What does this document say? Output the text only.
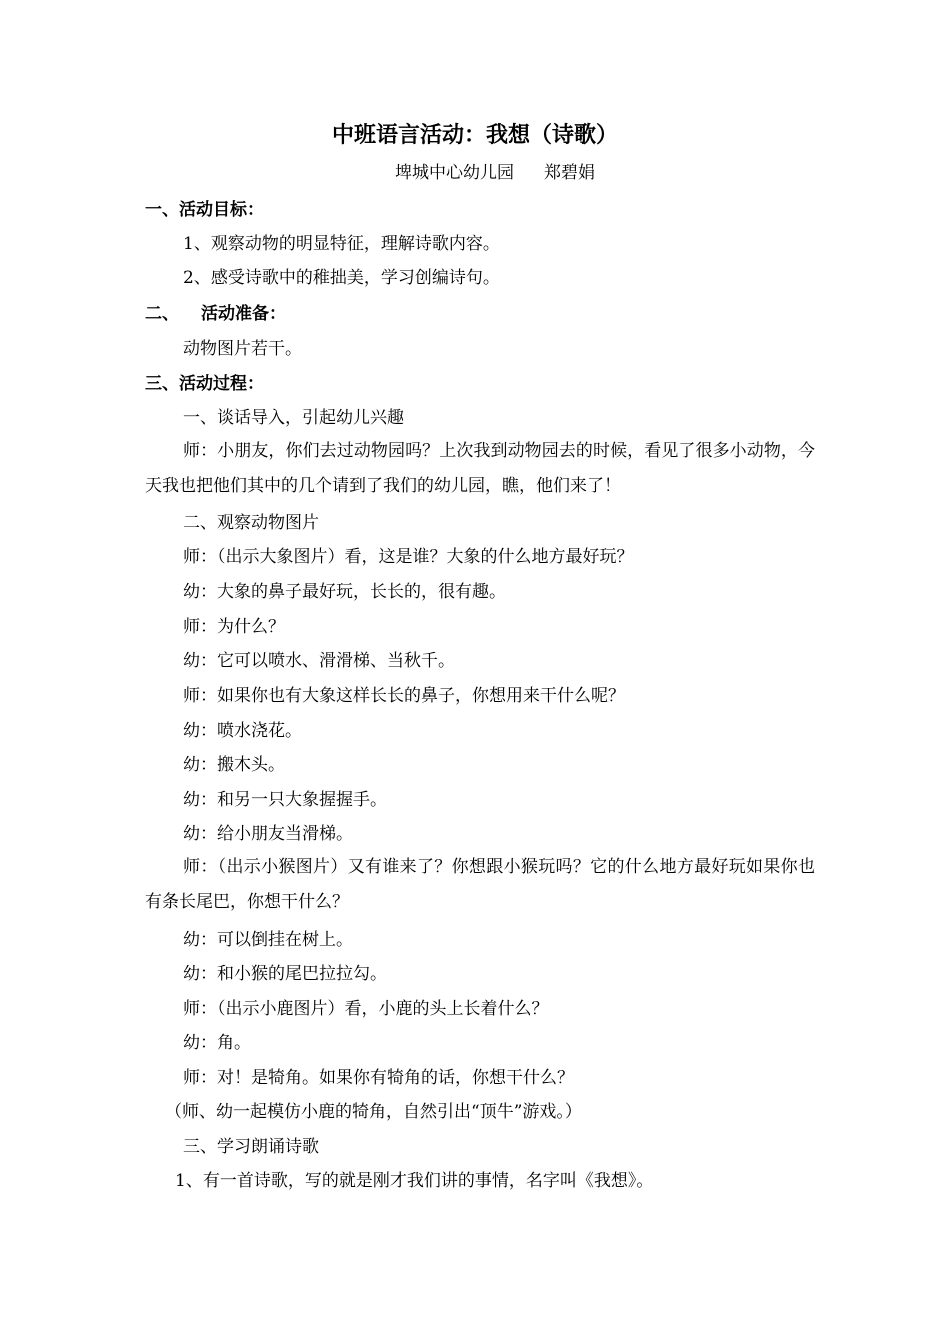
中班语言活动：我想（诗歌）
埤城中心幼儿园 郑碧娟
一、活动目标：
1、观察动物的明显特征，理解诗歌内容。
2、感受诗歌中的稚拙美，学习创编诗句。
二、 活动准备：
动物图片若干。
三、活动过程：
一、谈话导入，引起幼儿兴趣
师：小朋友，你们去过动物园吗？上次我到动物园去的时候，看见了很多小动物，今天我也把他们其中的几个请到了我们的幼儿园，瞧，他们来了！
二、观察动物图片
师：（出示大象图片）看，这是谁？大象的什么地方最好玩？
幼：大象的鼻子最好玩，长长的，很有趣。
师：为什么？
幼：它可以喷水、滑滑梯、当秋千。
师：如果你也有大象这样长长的鼻子，你想用来干什么呢？
幼：喷水浇花。
幼：搬木头。
幼：和另一只大象握握手。
幼：给小朋友当滑梯。
师：（出示小猴图片）又有谁来了？你想跟小猴玩吗？它的什么地方最好玩如果你也有条长尾巴，你想干什么？
幼：可以倒挂在树上。
幼：和小猴的尾巴拉拉勾。
师：（出示小鹿图片）看，小鹿的头上长着什么？
幼：角。
师：对！是犄角。如果你有犄角的话，你想干什么？
（师、幼一起模仿小鹿的犄角，自然引出“顶牛”游戏。）
三、学习朗诵诗歌
1、有一首诗歌，写的就是刚才我们讲的事情，名字叫《我想》。
